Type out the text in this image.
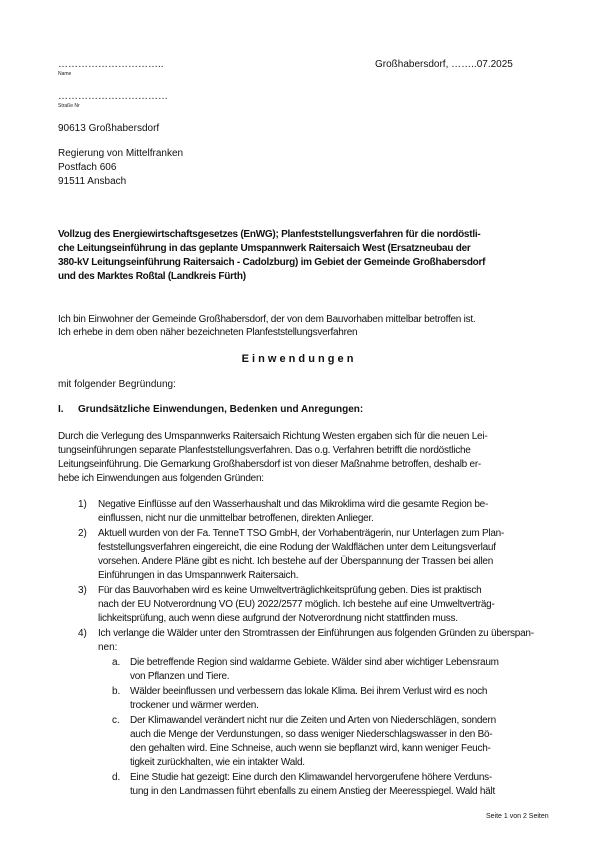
…………………………..
Name
……………………………
Straße Nr
90613 Großhabersdorf
Großhabersdorf, ……..07.2025
Regierung von Mittelfranken
Postfach 606
91511 Ansbach
Vollzug des Energiewirtschaftsgesetzes (EnWG); Planfeststellungsverfahren für die nordöstli-
che Leitungseinführung in das geplante Umspannwerk Raitersaich West (Ersatzneubau der
380-kV Leitungseinführung Raitersaich - Cadolzburg) im Gebiet der Gemeinde Großhabersdorf
und des Marktes Roßtal (Landkreis Fürth)
Ich bin Einwohner der Gemeinde Großhabersdorf, der von dem Bauvorhaben mittelbar betroffen ist.
Ich erhebe in dem oben näher bezeichneten Planfeststellungsverfahren
E i n w e n d u n g e n
mit folgender Begründung:
I. Grundsätzliche Einwendungen, Bedenken und Anregungen:
Durch die Verlegung des Umspannwerks Raitersaich Richtung Westen ergaben sich für die neuen Lei-
tungseinführungen separate Planfeststellungsverfahren. Das o.g. Verfahren betrifft die nordöstliche
Leitungseinführung. Die Gemarkung Großhabersdorf ist von dieser Maßnahme betroffen, deshalb er-
hebe ich Einwendungen aus folgenden Gründen:
1) Negative Einflüsse auf den Wasserhaushalt und das Mikroklima wird die gesamte Region be-
einflussen, nicht nur die unmittelbar betroffenen, direkten Anlieger.
2) Aktuell wurden von der Fa. TenneT TSO GmbH, der Vorhabenträgerin, nur Unterlagen zum Plan-
feststellungsverfahren eingereicht, die eine Rodung der Waldflächen unter dem Leitungsverlauf
vorsehen. Andere Pläne gibt es nicht. Ich bestehe auf der Überspannung der Trassen bei allen
Einführungen in das Umspannwerk Raitersaich.
3) Für das Bauvorhaben wird es keine Umweltverträglichkeitsprüfung geben. Dies ist praktisch
nach der EU Notverordnung VO (EU) 2022/2577 möglich. Ich bestehe auf eine Umweltverträg-
lichkeitsprüfung, auch wenn diese aufgrund der Notverordnung nicht stattfinden muss.
4) Ich verlange die Wälder unter den Stromtrassen der Einführungen aus folgenden Gründen zu überspan-
nen:
a. Die betreffende Region sind waldarme Gebiete. Wälder sind aber wichtiger Lebensraum
von Pflanzen und Tiere.
b. Wälder beeinflussen und verbessern das lokale Klima. Bei ihrem Verlust wird es noch
trockener und wärmer werden.
c. Der Klimawandel verändert nicht nur die Zeiten und Arten von Niederschlägen, sondern
auch die Menge der Verdunstungen, so dass weniger Niederschlagswasser in den Bö-
den gehalten wird. Eine Schneise, auch wenn sie bepflanzt wird, kann weniger Feuch-
tigkeit zurückhalten, wie ein intakter Wald.
d. Eine Studie hat gezeigt: Eine durch den Klimawandel hervorgerufene höhere Verduns-
tung in den Landmassen führt ebenfalls zu einem Anstieg der Meeresspiegel. Wald hält
Seite 1 von 2 Seiten
